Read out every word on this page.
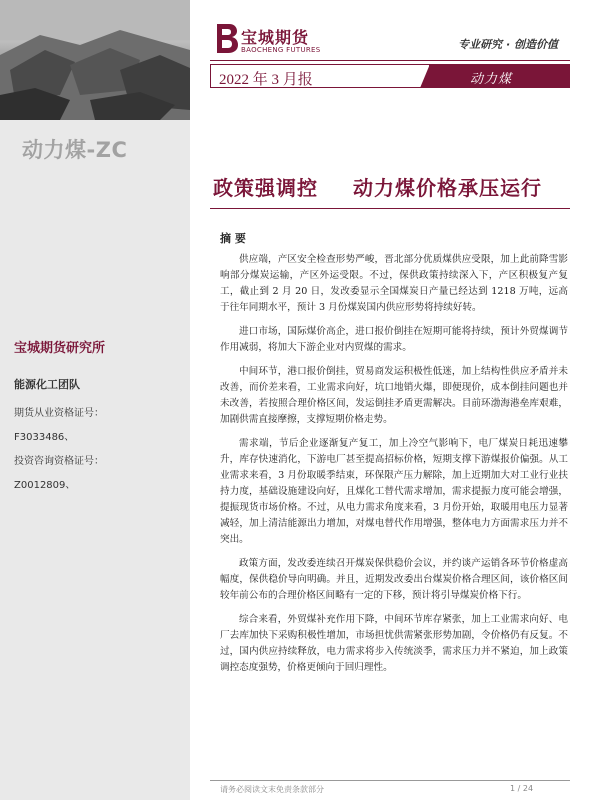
动力煤-ZC
宝城期货研究所
能源化工团队
期货从业资格证号：
F3033486、
投资咨询资格证号：
Z0012809、
宝城期货
BAOCHENG FUTURES	专业研究 · 创造价值
2022 年 3 月报	动力煤
政策强调控 动力煤价格承压运行
摘 要

供应端，产区安全检查形势严峻，晋北部分优质煤供应受限，加上此前降雪影响部分煤炭运输，产区外运受限。不过，保供政策持续深入下，产区积极复产复工，截止到 2 月 20 日，发改委显示全国煤炭日产量已经达到 1218 万吨，远高于往年同期水平，预计 3 月份煤炭国内供应形势将持续好转。

进口市场，国际煤价高企，进口报价倒挂在短期可能将持续，预计外贸煤调节作用减弱，将加大下游企业对内贸煤的需求。

中间环节，港口报价倒挂，贸易商发运积极性低迷，加上结构性供应矛盾并未改善，而价差来看，工业需求向好，坑口地销火爆，即便现价，成本倒挂问题也并未改善，若按照合理价格区间，发运倒挂矛盾更需解决。目前环渤海港垒库艰难，加剧供需直接摩擦，支撑短期价格走势。

需求端，节后企业逐渐复产复工，加上冷空气影响下，电厂煤炭日耗迅速攀升，库存快速消化，下游电厂甚至提高招标价格，短期支撑下游煤报价偏强。从工业需求来看，3 月份取暖季结束，环保限产压力解除，加上近期加大对工业行业扶持力度，基础设施建设向好，且煤化工替代需求增加，需求提振力度可能会增强，提振现货市场价格。不过，从电力需求角度来看，3 月份开始，取暖用电压力显著减轻，加上清洁能源出力增加，对煤电替代作用增强，整体电力方面需求压力并不突出。

政策方面，发改委连续召开煤炭保供稳价会议，并约谈产运销各环节价格虚高幅度，保供稳价导向明确。并且，近期发改委出台煤炭价格合理区间，该价格区间较年前公布的合理价格区间略有一定的下移，预计将引导煤炭价格下行。

综合来看，外贸煤补充作用下降，中间环节库存紧张，加上工业需求向好、电厂去库加快下采购积极性增加，市场担忧供需紧张形势加剧，令价格仍有反复。不过，国内供应持续释放，电力需求将步入传统淡季，需求压力并不紧迫，加上政策调控态度强势，价格更倾向于回归理性。

请务必阅读文末免责条款部分	1 / 24
